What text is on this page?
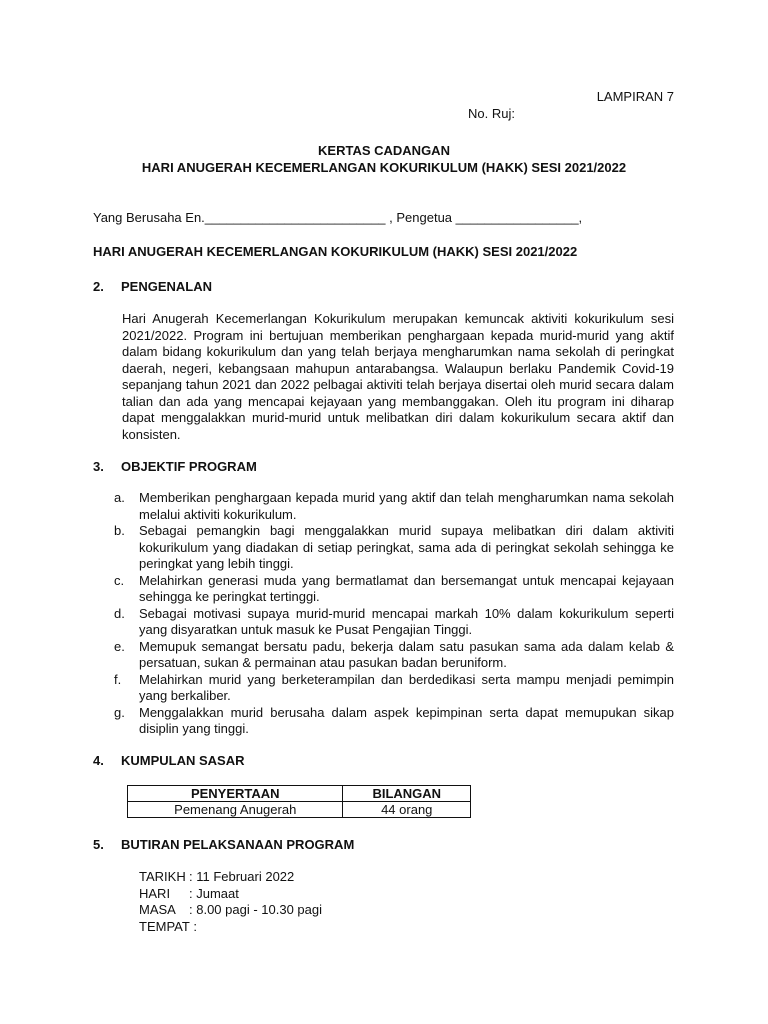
LAMPIRAN 7
No. Ruj:
KERTAS CADANGAN
HARI ANUGERAH KECEMERLANGAN KOKURIKULUM (HAKK) SESI 2021/2022
Yang Berusaha En._________________________ , Pengetua _________________,
HARI ANUGERAH KECEMERLANGAN KOKURIKULUM (HAKK) SESI 2021/2022
2. PENGENALAN
Hari Anugerah Kecemerlangan Kokurikulum merupakan kemuncak aktiviti kokurikulum sesi 2021/2022. Program ini bertujuan memberikan penghargaan kepada murid-murid yang aktif dalam bidang kokurikulum dan yang telah berjaya mengharumkan nama sekolah di peringkat daerah, negeri, kebangsaan mahupun antarabangsa. Walaupun berlaku Pandemik Covid-19 sepanjang tahun 2021 dan 2022 pelbagai aktiviti telah berjaya disertai oleh murid secara dalam talian dan ada yang mencapai kejayaan yang membanggakan. Oleh itu program ini diharap dapat menggalakkan murid-murid untuk melibatkan diri dalam kokurikulum secara aktif dan konsisten.
3. OBJEKTIF PROGRAM
a.	Memberikan penghargaan kepada murid yang aktif dan telah mengharumkan nama sekolah melalui aktiviti kokurikulum.
b.	Sebagai pemangkin bagi menggalakkan murid supaya melibatkan diri dalam aktiviti kokurikulum yang diadakan di setiap peringkat, sama ada di peringkat sekolah sehingga ke peringkat yang lebih tinggi.
c.	Melahirkan generasi muda yang bermatlamat dan bersemangat untuk mencapai kejayaan sehingga ke peringkat tertinggi.
d.	Sebagai motivasi supaya murid-murid mencapai markah 10% dalam kokurikulum seperti yang disyaratkan untuk masuk ke Pusat Pengajian Tinggi.
e.	Memupuk semangat bersatu padu, bekerja dalam satu pasukan sama ada dalam kelab & persatuan, sukan & permainan atau pasukan badan beruniform.
f.	Melahirkan murid yang berketerampilan dan berdedikasi serta mampu menjadi pemimpin yang berkaliber.
g.	Menggalakkan murid berusaha dalam aspek kepimpinan serta dapat memupukan sikap disiplin yang tinggi.
4. KUMPULAN SASAR
PENYERTAAN	BILANGAN
Pemenang Anugerah	44 orang
5. BUTIRAN PELAKSANAAN PROGRAM
TARIKH : 11 Februari 2022
HARI	: Jumaat
MASA	: 8.00 pagi - 10.30 pagi
TEMPAT
:
